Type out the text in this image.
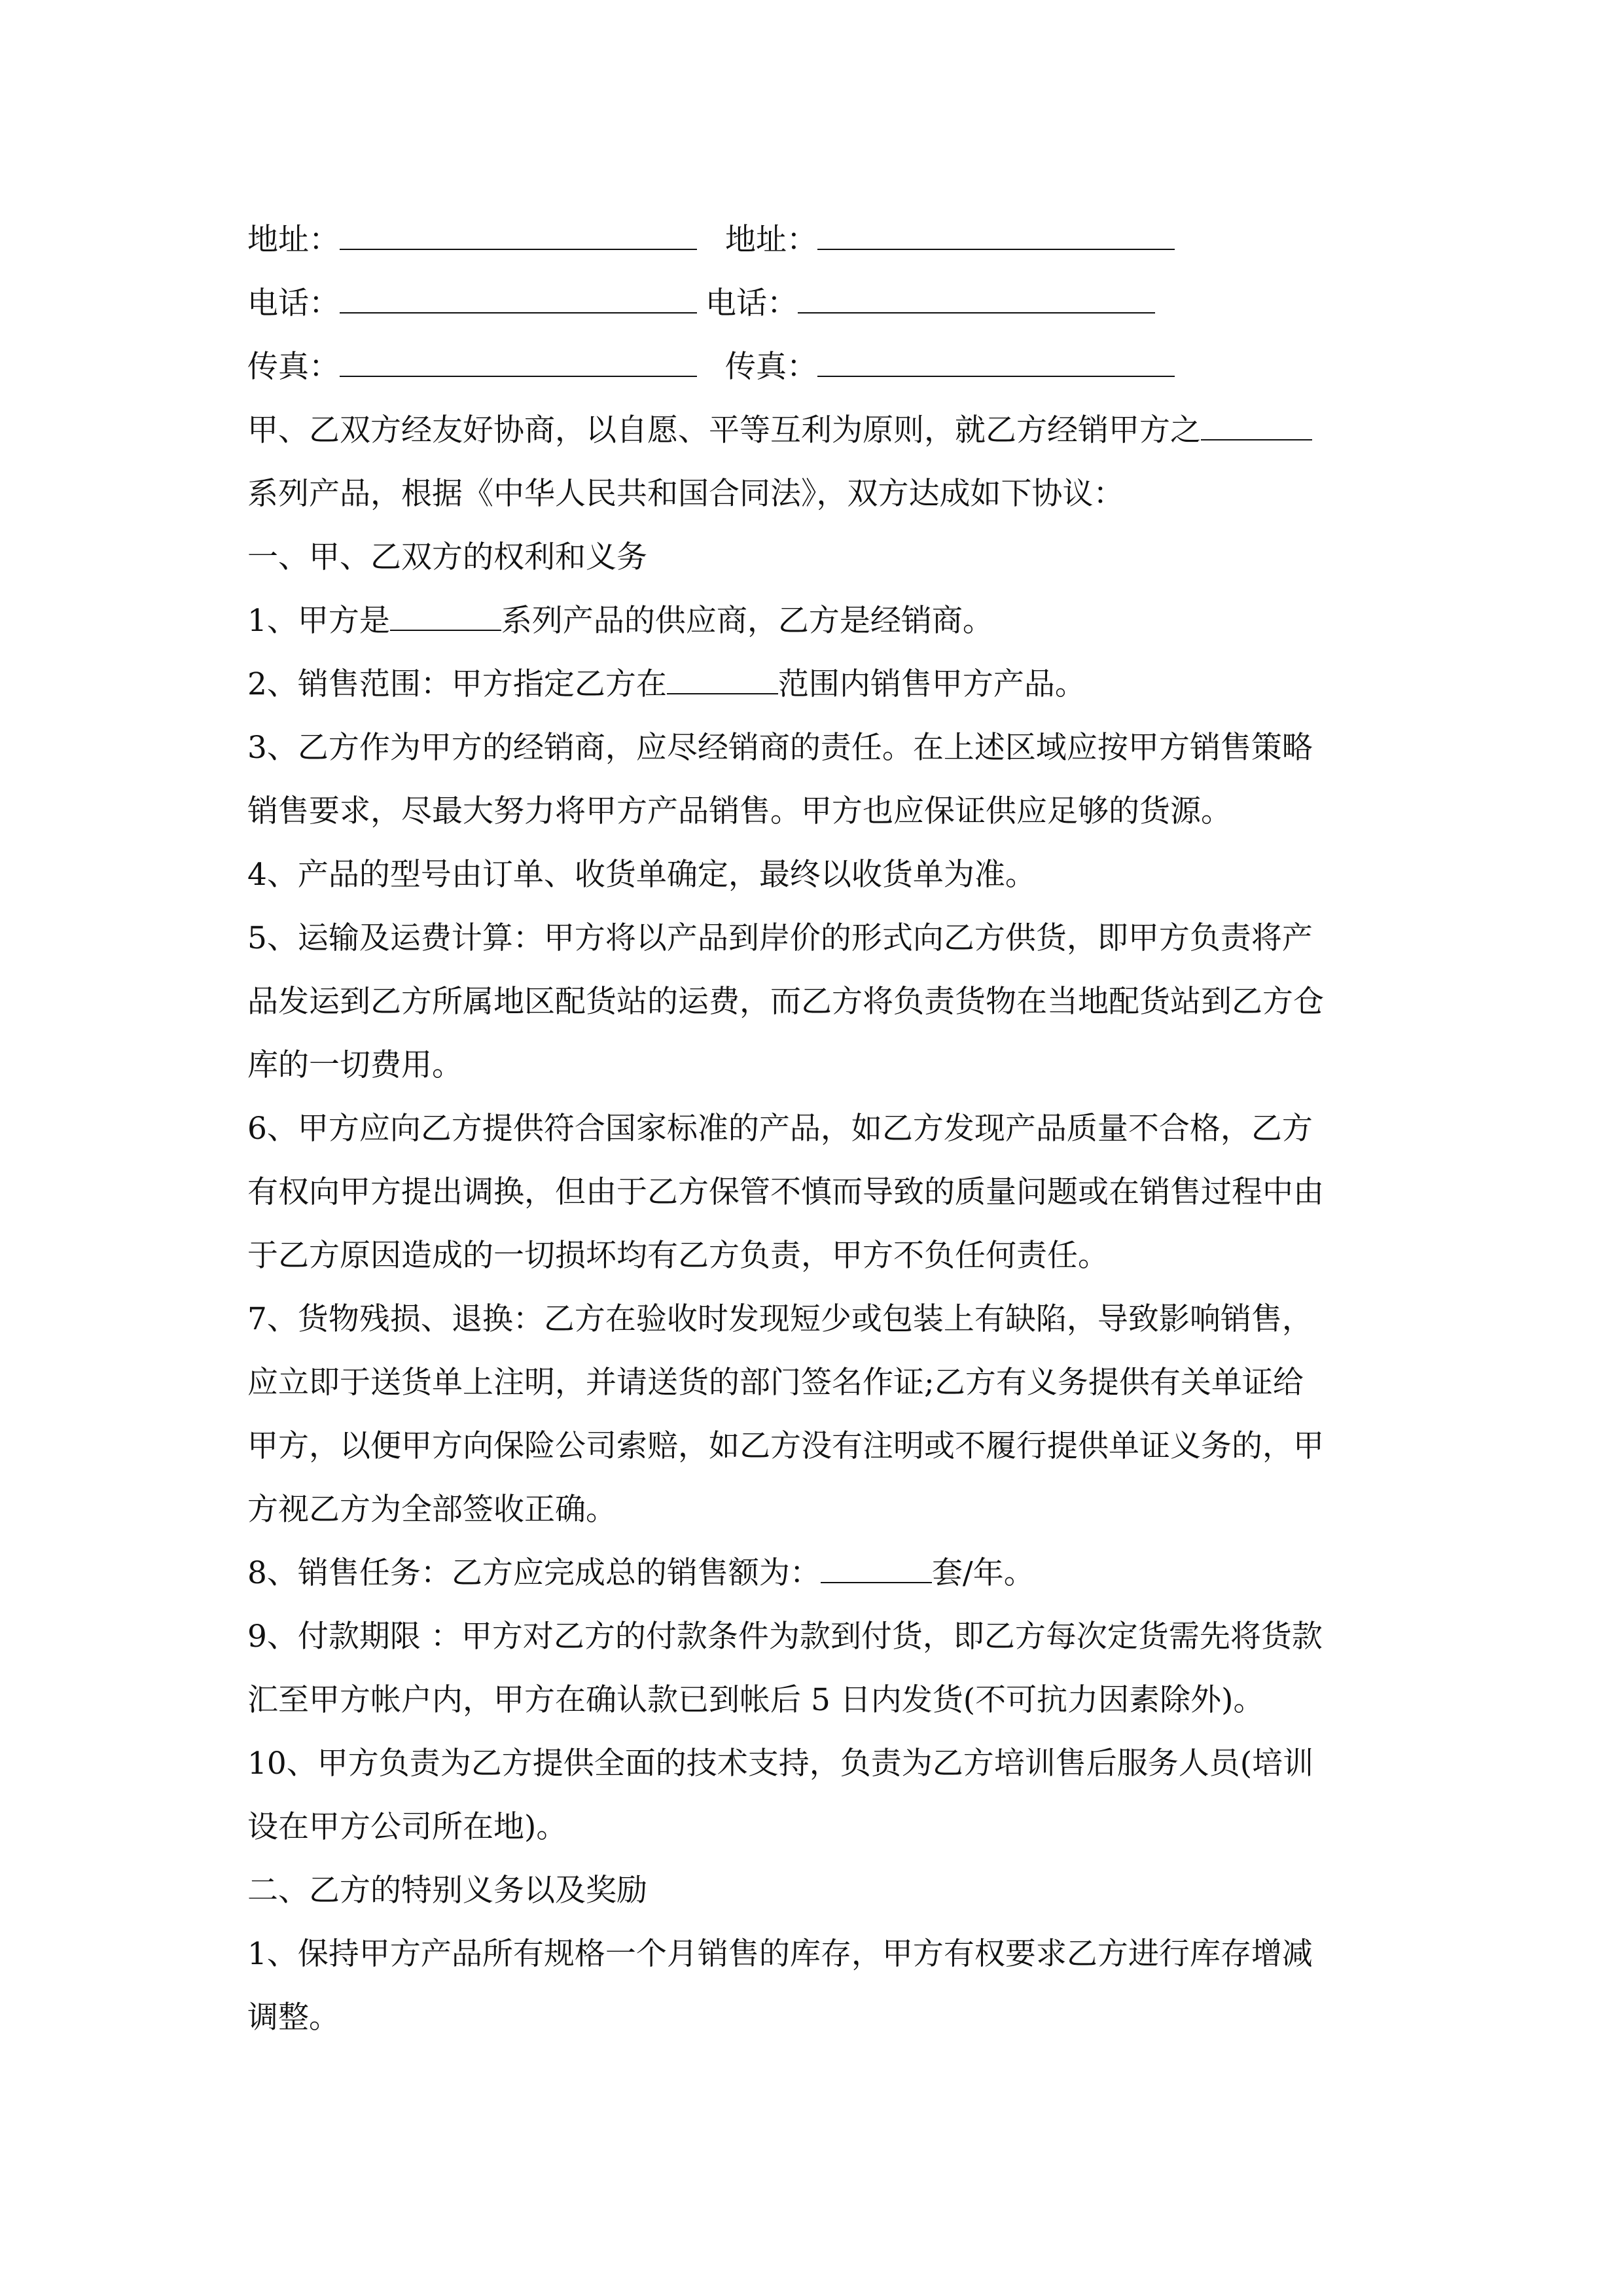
地址：	地址：
电话：	电话：
传真：	传真：
甲、乙双方经友好协商，以自愿、平等互利为原则，就乙方经销甲方之
系列产品，根据《中华人民共和国合同法》，双方达成如下协议：
一、甲、乙双方的权利和义务
1、甲方是	系列产品的供应商，乙方是经销商。
2、销售范围：甲方指定乙方在	范围内销售甲方产品。
3、乙方作为甲方的经销商，应尽经销商的责任。在上述区域应按甲方销售策略
销售要求，尽最大努力将甲方产品销售。甲方也应保证供应足够的货源。
4、产品的型号由订单、收货单确定，最终以收货单为准。
5、运输及运费计算：甲方将以产品到岸价的形式向乙方供货，即甲方负责将产
品发运到乙方所属地区配货站的运费，而乙方将负责货物在当地配货站到乙方仓
库的一切费用。
6、甲方应向乙方提供符合国家标准的产品，如乙方发现产品质量不合格，乙方
有权向甲方提出调换，但由于乙方保管不慎而导致的质量问题或在销售过程中由
于乙方原因造成的一切损坏均有乙方负责，甲方不负任何责任。
7、货物残损、退换：乙方在验收时发现短少或包装上有缺陷，导致影响销售，
应立即于送货单上注明，并请送货的部门签名作证;乙方有义务提供有关单证给
甲方，以便甲方向保险公司索赔，如乙方没有注明或不履行提供单证义务的，甲
方视乙方为全部签收正确。
8、销售任务：乙方应完成总的销售额为：	套/年。
9、付款期限 ：甲方对乙方的付款条件为款到付货，即乙方每次定货需先将货款
汇至甲方帐户内，甲方在确认款已到帐后 5 日内发货(不可抗力因素除外)。
10、甲方负责为乙方提供全面的技术支持，负责为乙方培训售后服务人员(培训
设在甲方公司所在地)。
二、乙方的特别义务以及奖励
1、保持甲方产品所有规格一个月销售的库存，甲方有权要求乙方进行库存增减
调整。
